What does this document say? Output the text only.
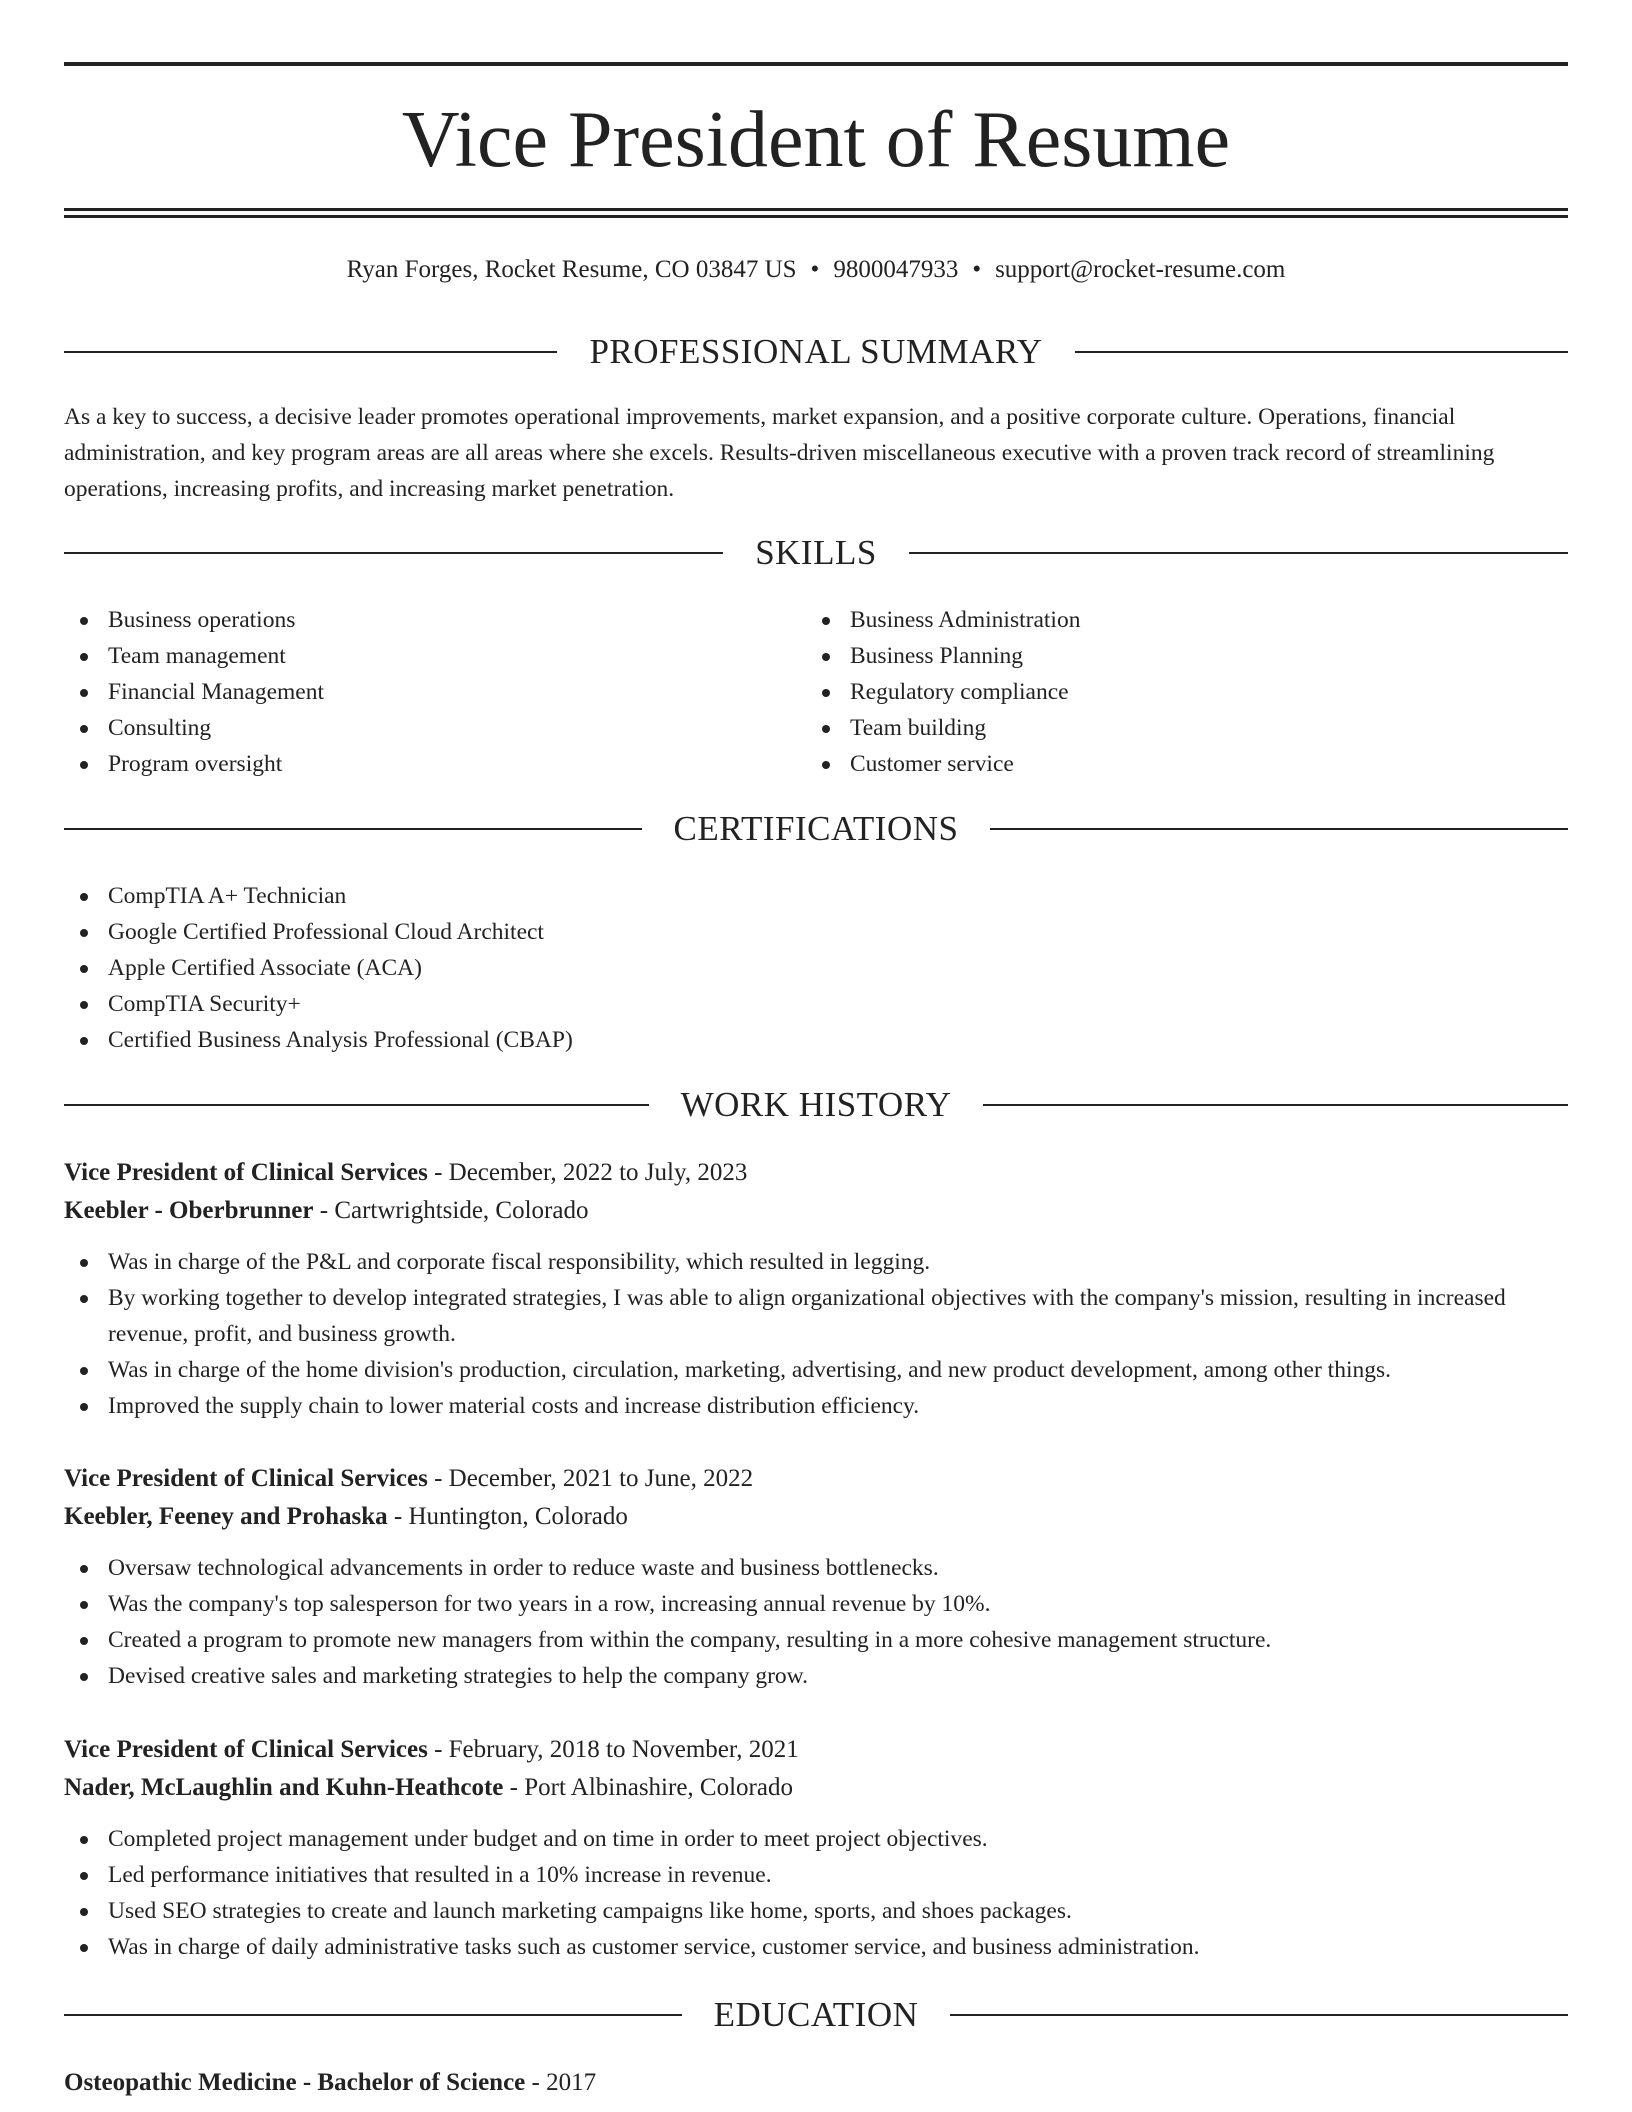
Vice President of Resume
Ryan Forges, Rocket Resume, CO 03847 US • 9800047933 • support@rocket-resume.com
PROFESSIONAL SUMMARY

As a key to success, a decisive leader promotes operational improvements, market expansion, and a positive corporate culture. Operations, financial administration, and key program areas are all areas where she excels. Results-driven miscellaneous executive with a proven track record of streamlining operations, increasing profits, and increasing market penetration.

SKILLS
Business operations
Team management
Financial Management
Consulting
Program oversight
Business Administration
Business Planning
Regulatory compliance
Team building
Customer service
CERTIFICATIONS
CompTIA A+ Technician
Google Certified Professional Cloud Architect
Apple Certified Associate (ACA)
CompTIA Security+
Certified Business Analysis Professional (CBAP)
WORK HISTORY
Vice President of Clinical Services - December, 2022 to July, 2023
Keebler - Oberbrunner - Cartwrightside, Colorado
Was in charge of the P&L and corporate fiscal responsibility, which resulted in legging.
By working together to develop integrated strategies, I was able to align organizational objectives with the company's mission, resulting in increased revenue, profit, and business growth.
Was in charge of the home division's production, circulation, marketing, advertising, and new product development, among other things.
Improved the supply chain to lower material costs and increase distribution efficiency.
Vice President of Clinical Services - December, 2021 to June, 2022
Keebler, Feeney and Prohaska - Huntington, Colorado
Oversaw technological advancements in order to reduce waste and business bottlenecks.
Was the company's top salesperson for two years in a row, increasing annual revenue by 10%.
Created a program to promote new managers from within the company, resulting in a more cohesive management structure.
Devised creative sales and marketing strategies to help the company grow.
Vice President of Clinical Services - February, 2018 to November, 2021
Nader, McLaughlin and Kuhn-Heathcote - Port Albinashire, Colorado
Completed project management under budget and on time in order to meet project objectives.
Led performance initiatives that resulted in a 10% increase in revenue.
Used SEO strategies to create and launch marketing campaigns like home, sports, and shoes packages.
Was in charge of daily administrative tasks such as customer service, customer service, and business administration.
EDUCATION
Osteopathic Medicine - Bachelor of Science - 2017
